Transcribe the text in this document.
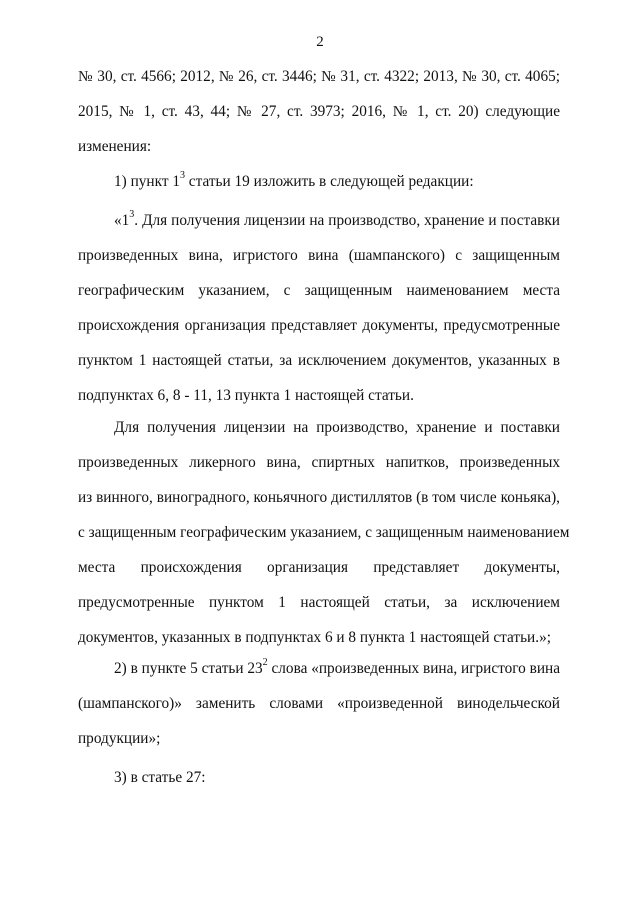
2
№ 30, ст. 4566; 2012, № 26, ст. 3446; № 31, ст. 4322; 2013, № 30, ст. 4065;
2015, № 1, ст. 43, 44; № 27, ст. 3973; 2016, № 1, ст. 20) следующие
изменения:
1) пункт $1^3$ статьи 19 изложить в следующей редакции:
«$1^3$. Для получения лицензии на производство, хранение и поставки
произведенных вина, игристого вина (шампанского) с защищенным
географическим указанием, с защищенным наименованием места
происхождения организация представляет документы, предусмотренные
пунктом 1 настоящей статьи, за исключением документов, указанных в
подпунктах 6, 8 - 11, 13 пункта 1 настоящей статьи.
Для получения лицензии на производство, хранение и поставки
произведенных ликерного вина, спиртных напитков, произведенных
из винного, виноградного, коньячного дистиллятов (в том числе коньяка),
с защищенным географическим указанием, с защищенным наименованием
места происхождения организация представляет документы,
предусмотренные пунктом 1 настоящей статьи, за исключением
документов, указанных в подпунктах 6 и 8 пункта 1 настоящей статьи.»;
2) в пункте 5 статьи $23^2$ слова «произведенных вина, игристого вина
(шампанского)» заменить словами «произведенной винодельческой
продукции»;
3) в статье 27:
